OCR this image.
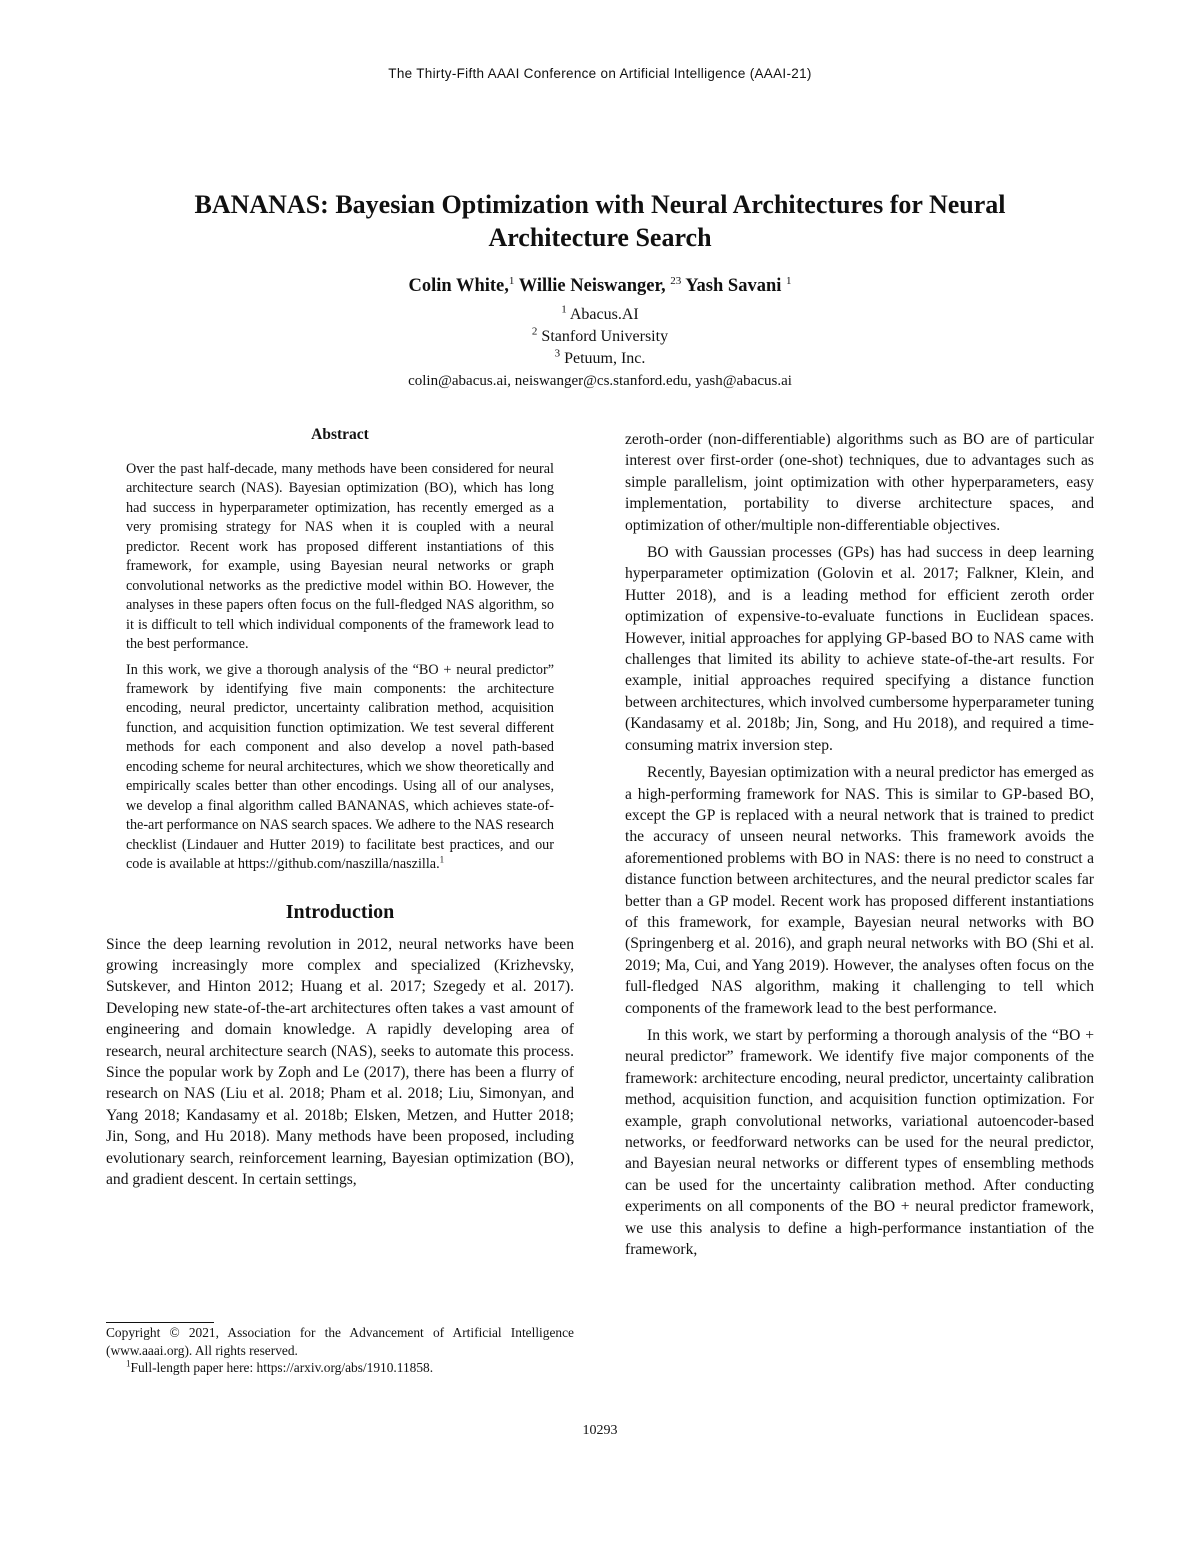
The Thirty-Fifth AAAI Conference on Artificial Intelligence (AAAI-21)
BANANAS: Bayesian Optimization with Neural Architectures for Neural Architecture Search
Colin White,$^1$ Willie Neiswanger, $^{23}$ Yash Savani $^1$
$^1$ Abacus.AI
$^2$ Stanford University
$^3$ Petuum, Inc.
colin@abacus.ai, neiswanger@cs.stanford.edu, yash@abacus.ai
Abstract

Over the past half-decade, many methods have been considered for neural architecture search (NAS). Bayesian optimization (BO), which has long had success in hyperparameter optimization, has recently emerged as a very promising strategy for NAS when it is coupled with a neural predictor. Recent work has proposed different instantiations of this framework, for example, using Bayesian neural networks or graph convolutional networks as the predictive model within BO. However, the analyses in these papers often focus on the full-fledged NAS algorithm, so it is difficult to tell which individual components of the framework lead to the best performance.

In this work, we give a thorough analysis of the “BO + neural predictor” framework by identifying five main components: the architecture encoding, neural predictor, uncertainty calibration method, acquisition function, and acquisition function optimization. We test several different methods for each component and also develop a novel path-based encoding scheme for neural architectures, which we show theoretically and empirically scales better than other encodings. Using all of our analyses, we develop a final algorithm called BANANAS, which achieves state-of-the-art performance on NAS search spaces. We adhere to the NAS research checklist (Lindauer and Hutter 2019) to facilitate best practices, and our code is available at https://github.com/naszilla/naszilla.$^1$

Introduction

Since the deep learning revolution in 2012, neural networks have been growing increasingly more complex and specialized (Krizhevsky, Sutskever, and Hinton 2012; Huang et al. 2017; Szegedy et al. 2017). Developing new state-of-the-art architectures often takes a vast amount of engineering and domain knowledge. A rapidly developing area of research, neural architecture search (NAS), seeks to automate this process. Since the popular work by Zoph and Le (2017), there has been a flurry of research on NAS (Liu et al. 2018; Pham et al. 2018; Liu, Simonyan, and Yang 2018; Kandasamy et al. 2018b; Elsken, Metzen, and Hutter 2018; Jin, Song, and Hu 2018). Many methods have been proposed, including evolutionary search, reinforcement learning, Bayesian optimization (BO), and gradient descent. In certain settings,

zeroth-order (non-differentiable) algorithms such as BO are of particular interest over first-order (one-shot) techniques, due to advantages such as simple parallelism, joint optimization with other hyperparameters, easy implementation, portability to diverse architecture spaces, and optimization of other/multiple non-differentiable objectives.

BO with Gaussian processes (GPs) has had success in deep learning hyperparameter optimization (Golovin et al. 2017; Falkner, Klein, and Hutter 2018), and is a leading method for efficient zeroth order optimization of expensive-to-evaluate functions in Euclidean spaces. However, initial approaches for applying GP-based BO to NAS came with challenges that limited its ability to achieve state-of-the-art results. For example, initial approaches required specifying a distance function between architectures, which involved cumbersome hyperparameter tuning (Kandasamy et al. 2018b; Jin, Song, and Hu 2018), and required a time-consuming matrix inversion step.

Recently, Bayesian optimization with a neural predictor has emerged as a high-performing framework for NAS. This is similar to GP-based BO, except the GP is replaced with a neural network that is trained to predict the accuracy of unseen neural networks. This framework avoids the aforementioned problems with BO in NAS: there is no need to construct a distance function between architectures, and the neural predictor scales far better than a GP model. Recent work has proposed different instantiations of this framework, for example, Bayesian neural networks with BO (Springenberg et al. 2016), and graph neural networks with BO (Shi et al. 2019; Ma, Cui, and Yang 2019). However, the analyses often focus on the full-fledged NAS algorithm, making it challenging to tell which components of the framework lead to the best performance.

In this work, we start by performing a thorough analysis of the “BO + neural predictor” framework. We identify five major components of the framework: architecture encoding, neural predictor, uncertainty calibration method, acquisition function, and acquisition function optimization. For example, graph convolutional networks, variational autoencoder-based networks, or feedforward networks can be used for the neural predictor, and Bayesian neural networks or different types of ensembling methods can be used for the uncertainty calibration method. After conducting experiments on all components of the BO + neural predictor framework, we use this analysis to define a high-performance instantiation of the framework,

Copyright © 2021, Association for the Advancement of Artificial Intelligence (www.aaai.org). All rights reserved.

$^1$Full-length paper here: https://arxiv.org/abs/1910.11858.

10293
